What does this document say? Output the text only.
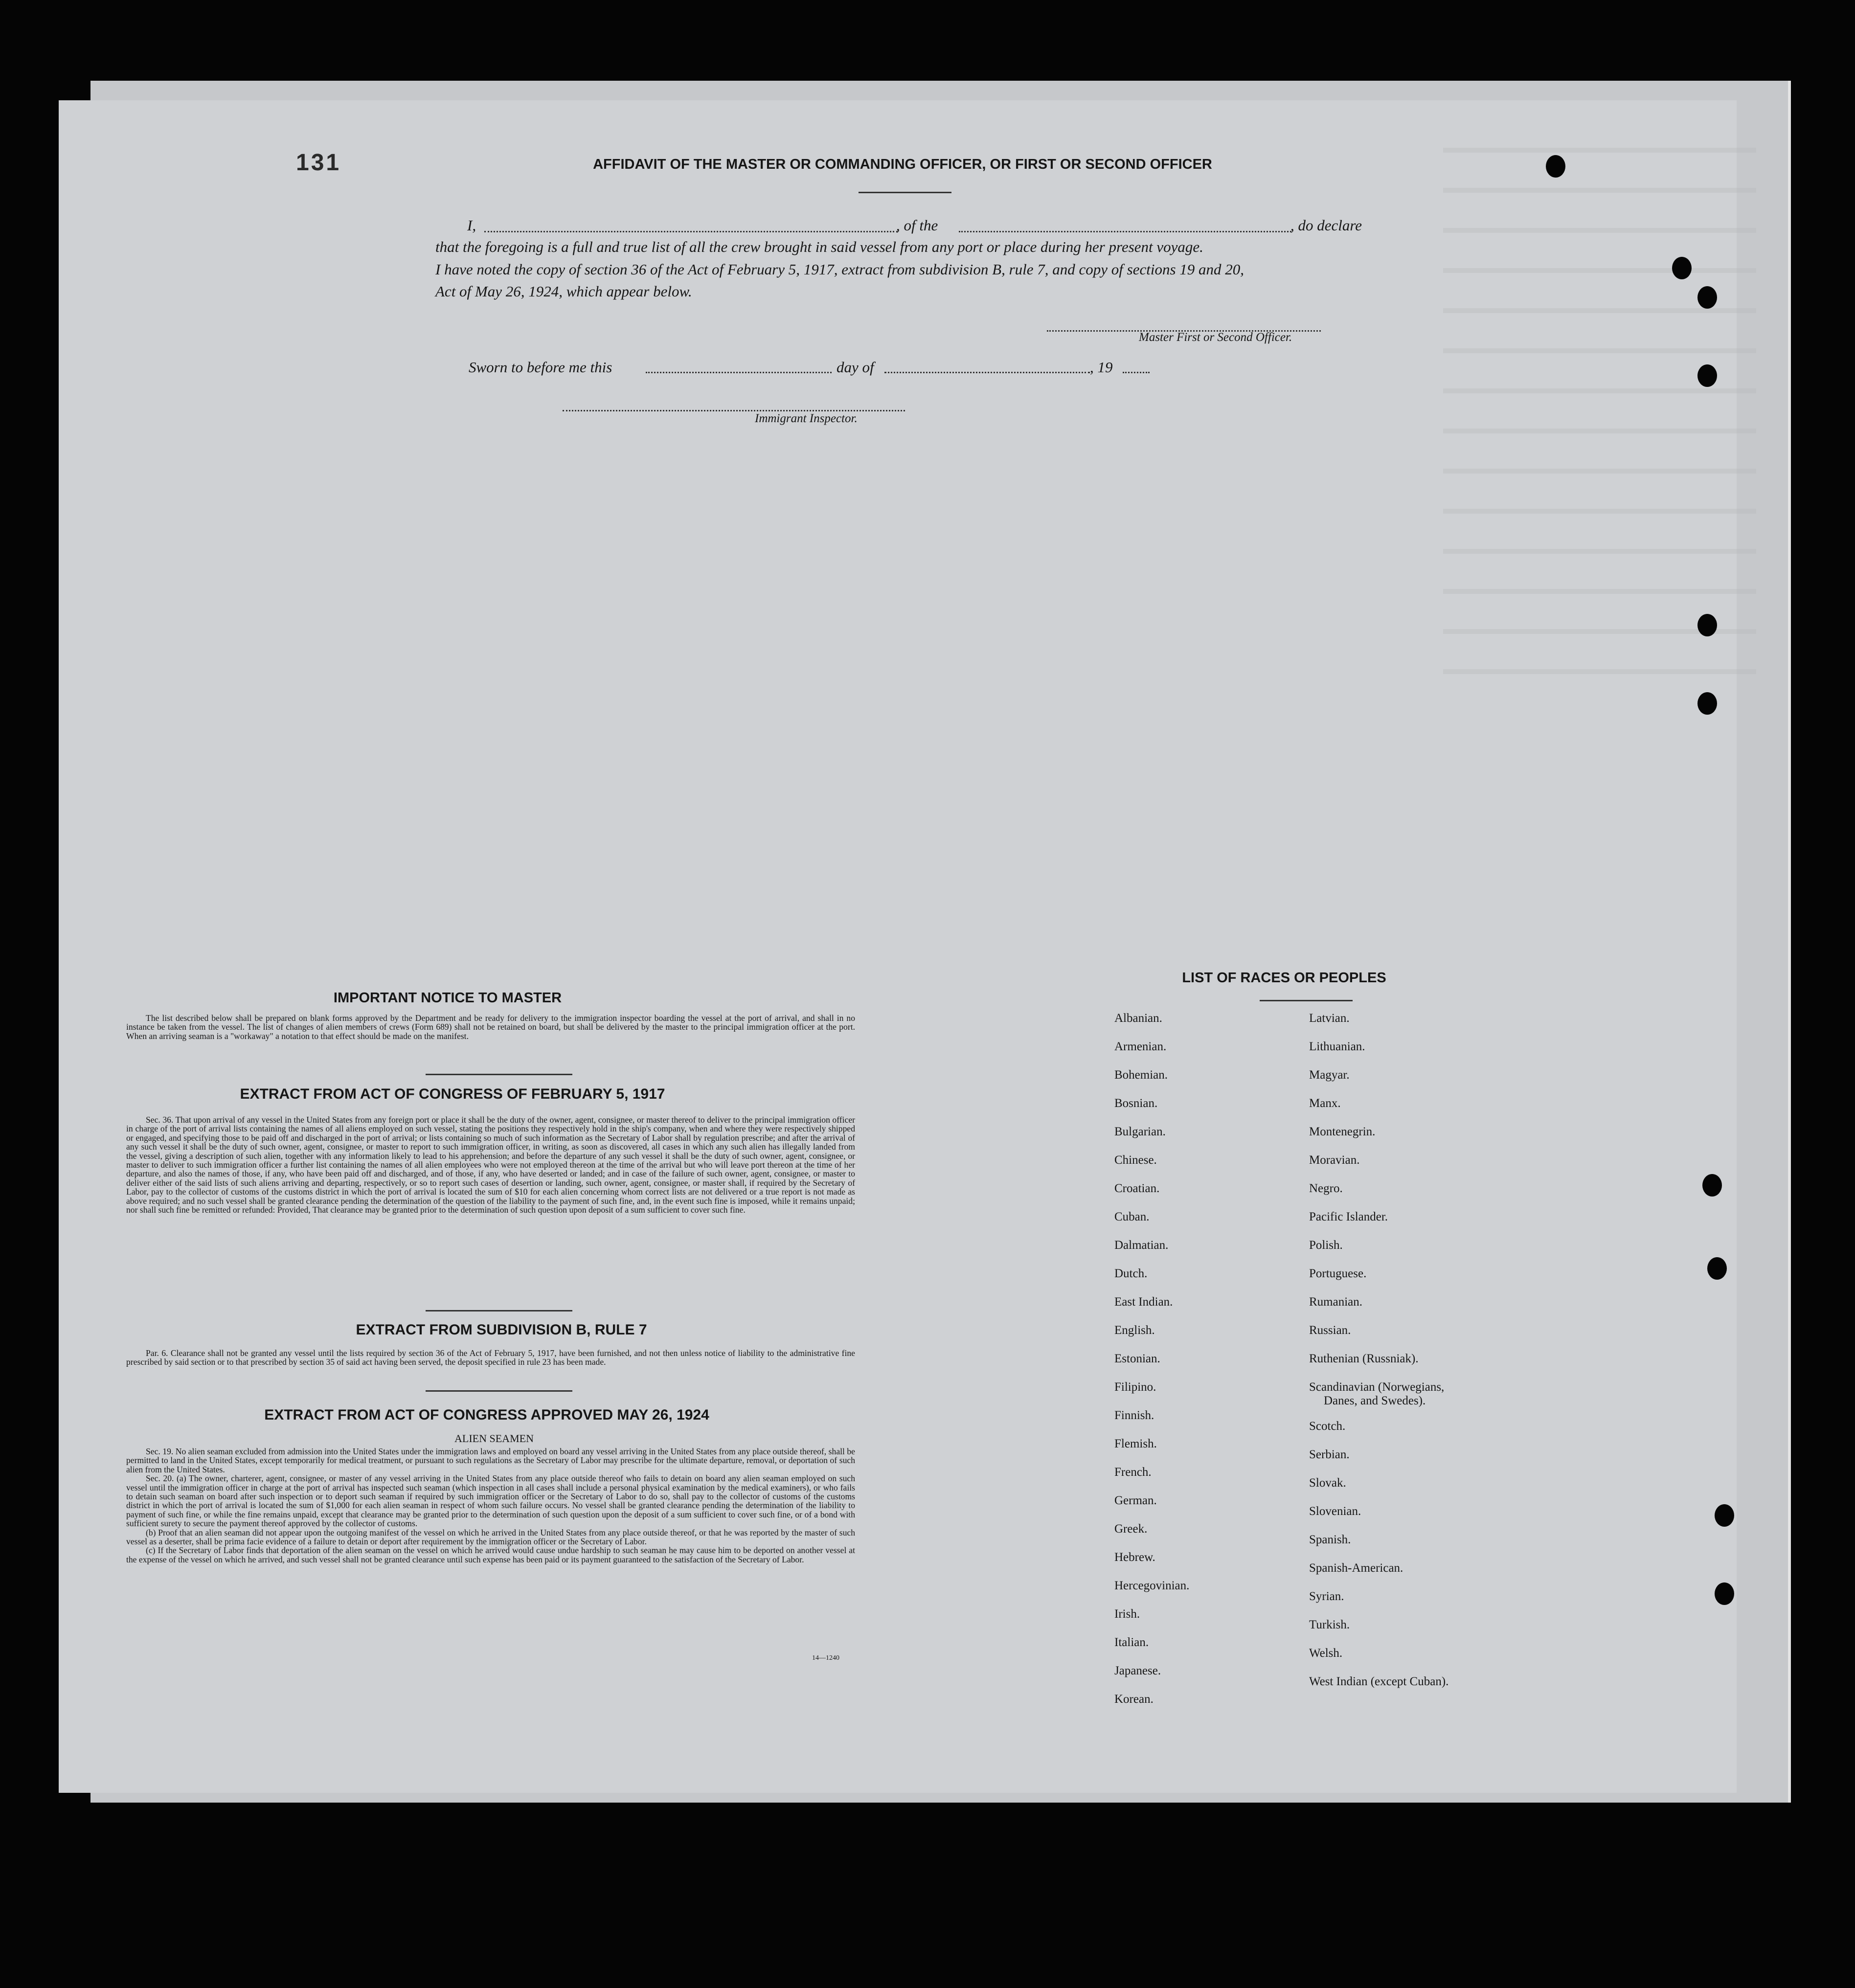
131	AFFIDAVIT OF THE MASTER OR COMMANDING OFFICER, OR FIRST OR SECOND OFFICER
I,	, of the	, do declare
that the foregoing is a full and true list of all the crew brought in said vessel from any port or place during her present voyage.
I have noted the copy of section 36 of the Act of February 5, 1917, extract from subdivision B, rule 7, and copy of sections 19 and 20,
Act of May 26, 1924, which appear below.
Master First or Second Officer.
Sworn to before me this	day of	, 19
Immigrant Inspector.
IMPORTANT NOTICE TO MASTER

The list described below shall be prepared on blank forms approved by the Department and be ready for delivery to the immigration inspector boarding the vessel at the port of arrival, and shall in no instance be taken from the vessel. The list of changes of alien members of crews (Form 689) shall not be retained on board, but shall be delivered by the master to the principal immigration officer at the port. When an arriving seaman is a "workaway" a notation to that effect should be made on the manifest.

EXTRACT FROM ACT OF CONGRESS OF FEBRUARY 5, 1917

Sec. 36. That upon arrival of any vessel in the United States from any foreign port or place it shall be the duty of the owner, agent, consignee, or master thereof to deliver to the principal immigration officer in charge of the port of arrival lists containing the names of all aliens employed on such vessel, stating the positions they respectively hold in the ship's company, when and where they were respectively shipped or engaged, and specifying those to be paid off and discharged in the port of arrival; or lists containing so much of such information as the Secretary of Labor shall by regulation prescribe; and after the arrival of any such vessel it shall be the duty of such owner, agent, consignee, or master to report to such immigration officer, in writing, as soon as discovered, all cases in which any such alien has illegally landed from the vessel, giving a description of such alien, together with any information likely to lead to his apprehension; and before the departure of any such vessel it shall be the duty of such owner, agent, consignee, or master to deliver to such immigration officer a further list containing the names of all alien employees who were not employed thereon at the time of the arrival but who will leave port thereon at the time of her departure, and also the names of those, if any, who have been paid off and discharged, and of those, if any, who have deserted or landed; and in case of the failure of such owner, agent, consignee, or master to deliver either of the said lists of such aliens arriving and departing, respectively, or so to report such cases of desertion or landing, such owner, agent, consignee, or master shall, if required by the Secretary of Labor, pay to the collector of customs of the customs district in which the port of arrival is located the sum of $10 for each alien concerning whom correct lists are not delivered or a true report is not made as above required; and no such vessel shall be granted clearance pending the determination of the question of the liability to the payment of such fine, and, in the event such fine is imposed, while it remains unpaid; nor shall such fine be remitted or refunded: Provided, That clearance may be granted prior to the determination of such question upon deposit of a sum sufficient to cover such fine.

EXTRACT FROM SUBDIVISION B, RULE 7

Par. 6. Clearance shall not be granted any vessel until the lists required by section 36 of the Act of February 5, 1917, have been furnished, and not then unless notice of liability to the administrative fine prescribed by said section or to that prescribed by section 35 of said act having been served, the deposit specified in rule 23 has been made.

EXTRACT FROM ACT OF CONGRESS APPROVED MAY 26, 1924
ALIEN SEAMEN

Sec. 19. No alien seaman excluded from admission into the United States under the immigration laws and employed on board any vessel arriving in the United States from any place outside thereof, shall be permitted to land in the United States, except temporarily for medical treatment, or pursuant to such regulations as the Secretary of Labor may prescribe for the ultimate departure, removal, or deportation of such alien from the United States.

Sec. 20. (a) The owner, charterer, agent, consignee, or master of any vessel arriving in the United States from any place outside thereof who fails to detain on board any alien seaman employed on such vessel until the immigration officer in charge at the port of arrival has inspected such seaman (which inspection in all cases shall include a personal physical examination by the medical examiners), or who fails to detain such seaman on board after such inspection or to deport such seaman if required by such immigration officer or the Secretary of Labor to do so, shall pay to the collector of customs of the customs district in which the port of arrival is located the sum of $1,000 for each alien seaman in respect of whom such failure occurs. No vessel shall be granted clearance pending the determination of the liability to payment of such fine, or while the fine remains unpaid, except that clearance may be granted prior to the determination of such question upon the deposit of a sum sufficient to cover such fine, or of a bond with sufficient surety to secure the payment thereof approved by the collector of customs.

(b) Proof that an alien seaman did not appear upon the outgoing manifest of the vessel on which he arrived in the United States from any place outside thereof, or that he was reported by the master of such vessel as a deserter, shall be prima facie evidence of a failure to detain or deport after requirement by the immigration officer or the Secretary of Labor.

(c) If the Secretary of Labor finds that deportation of the alien seaman on the vessel on which he arrived would cause undue hardship to such seaman he may cause him to be deported on another vessel at the expense of the vessel on which he arrived, and such vessel shall not be granted clearance until such expense has been paid or its payment guaranteed to the satisfaction of the Secretary of Labor.

14—1240
LIST OF RACES OR PEOPLES
Albanian.
Armenian.
Bohemian.
Bosnian.
Bulgarian.
Chinese.
Croatian.
Cuban.
Dalmatian.
Dutch.
East Indian.
English.
Estonian.
Filipino.
Finnish.
Flemish.
French.
German.
Greek.
Hebrew.
Hercegovinian.
Irish.
Italian.
Japanese.
Korean.
Latvian.
Lithuanian.
Magyar.
Manx.
Montenegrin.
Moravian.
Negro.
Pacific Islander.
Polish.
Portuguese.
Rumanian.
Russian.
Ruthenian (Russniak).
Scandinavian (Norwegians,
Danes, and Swedes).
Scotch.
Serbian.
Slovak.
Slovenian.
Spanish.
Spanish-American.
Syrian.
Turkish.
Welsh.
West Indian (except Cuban).
